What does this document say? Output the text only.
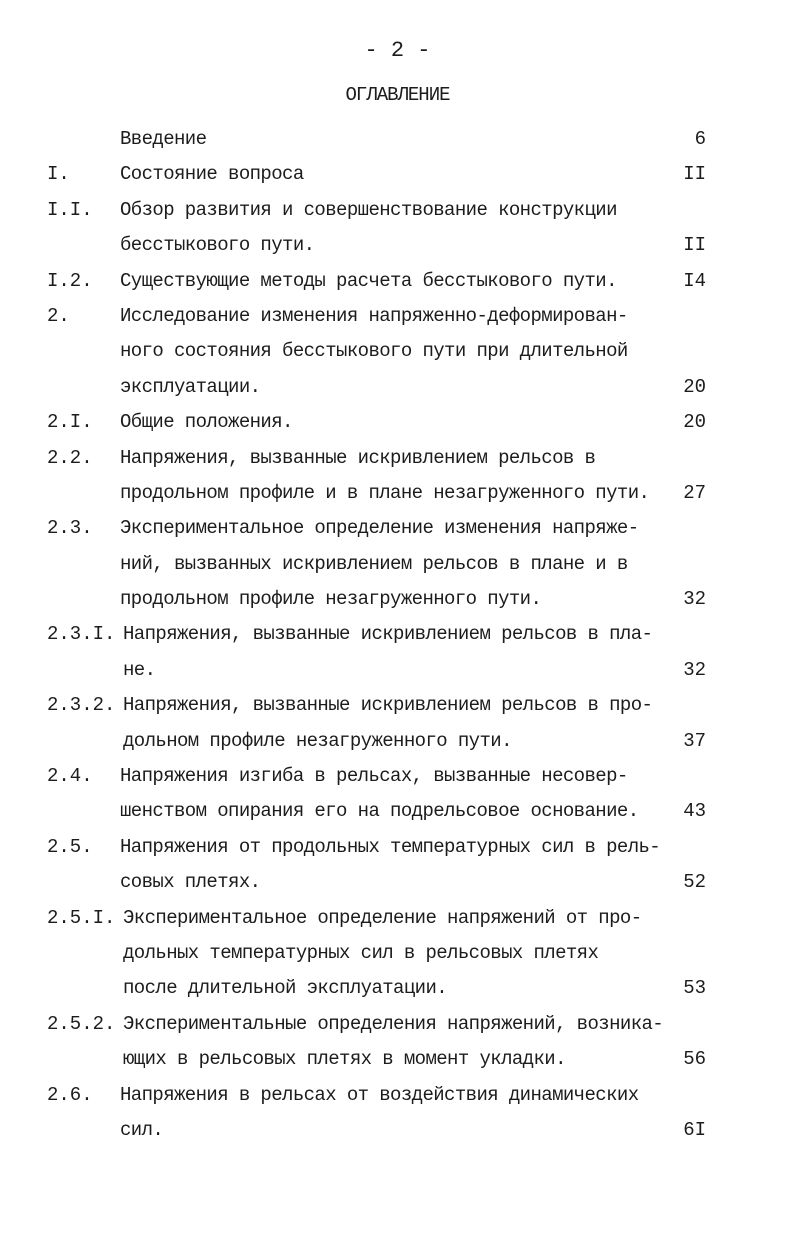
- 2 -
ОГЛАВЛЕНИЕ
Введение	6
I.	Состояние вопроса	II
I.I. Обзор развития и совершенствование конструкции
бесстыкового пути.	II
I.2. Существующие методы расчета бесстыкового пути.	I4
2.	Исследование изменения напряженно-деформирован-
ного состояния бесстыкового пути при длительной
эксплуатации.	20
2.I. Общие положения.	20
2.2. Напряжения, вызванные искривлением рельсов в
продольном профиле и в плане незагруженного пути. 27
2.3. Экспериментальное определение изменения напряже-
ний, вызванных искривлением рельсов в плане и в
продольном профиле незагруженного пути.	32
2.3.I. Напряжения, вызванные искривлением рельсов в пла-
не.	32
2.3.2. Напряжения, вызванные искривлением рельсов в про-
дольном профиле незагруженного пути.	37
2.4. Напряжения изгиба в рельсах, вызванные несовер-
шенством опирания его на подрельсовое основание. 43
2.5. Напряжения от продольных температурных сил в рель-
совых плетях.	52
2.5.I. Экспериментальное определение напряжений от про-
дольных температурных сил в рельсовых плетях
после длительной эксплуатации.	53
2.5.2. Экспериментальные определения напряжений, возника-
ющих в рельсовых плетях в момент укладки.	56
2.6. Напряжения в рельсах от воздействия динамических
сил.	6I
